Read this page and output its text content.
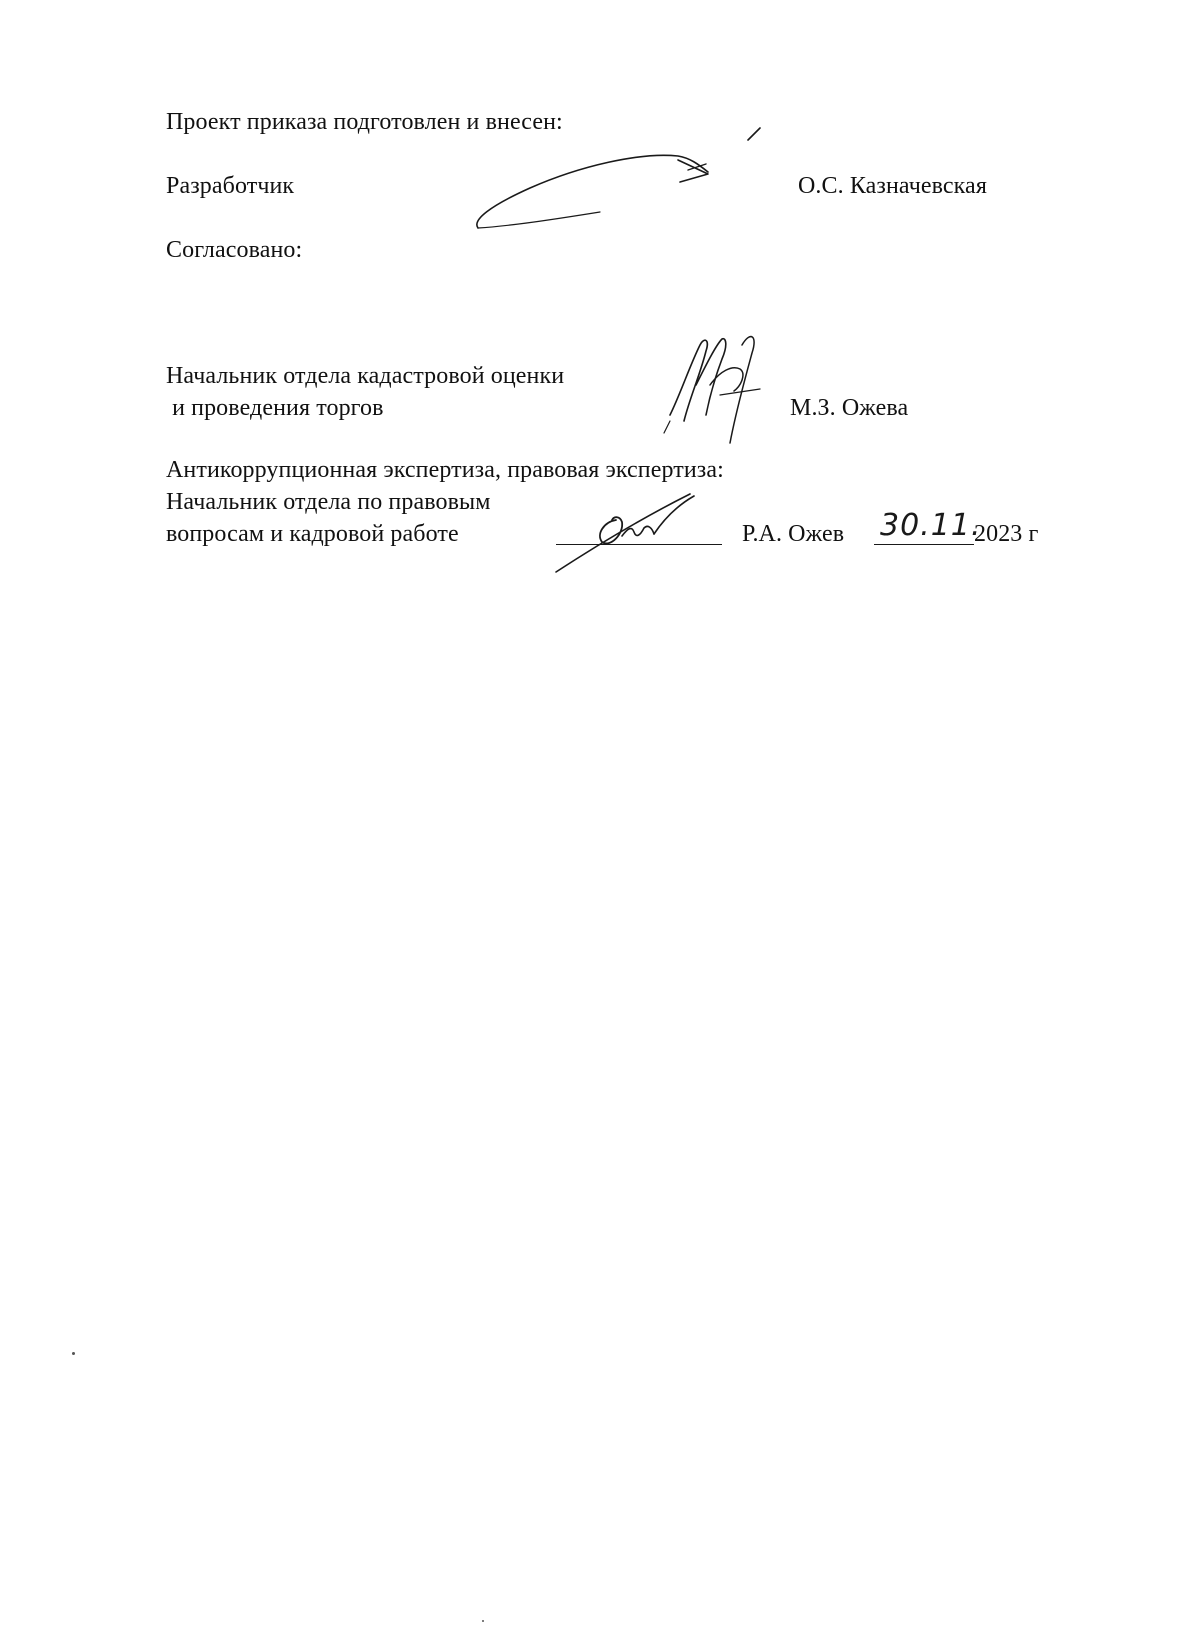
Проект приказа подготовлен и внесен:
Разработчик	О.С. Казначевская
Согласовано:
Начальник отдела кадастровой оценки
и проведения торгов	М.З. Ожева
Антикоррупционная экспертиза, правовая экспертиза:
Начальник отдела по правовым
вопросам и кадровой работе	Р.А. Ожев 30.11.
2023 г
